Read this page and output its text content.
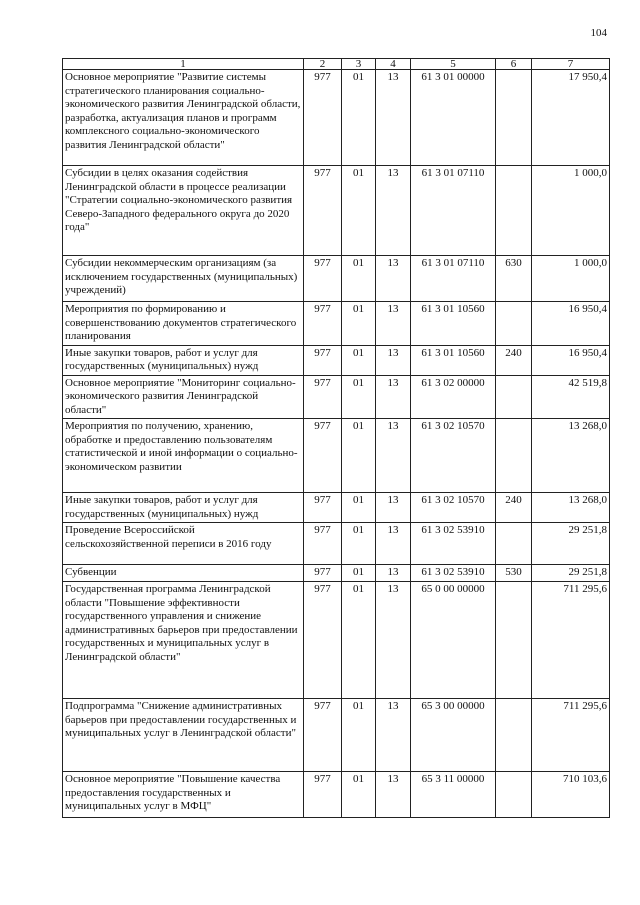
104
1	2	3	4	5	6	7
Основное мероприятие "Развитие системы стратегического планирования социально-экономического развития Ленинградской области, разработка, актуализация планов и программ комплексного социально-экономического развития Ленинградской области"	977	01	13	61 3 01 00000		17 950,4
Субсидии в целях оказания содействия Ленинградской области в процессе реализации "Стратегии социально-экономического развития Северо-Западного федерального округа до 2020 года"	977	01	13	61 3 01 07110		1 000,0
Субсидии некоммерческим организациям (за исключением государственных (муниципальных) учреждений)	977	01	13	61 3 01 07110	630	1 000,0
Мероприятия по формированию и совершенствованию документов стратегического планирования	977	01	13	61 3 01 10560		16 950,4
Иные закупки товаров, работ и услуг для государственных (муниципальных) нужд	977	01	13	61 3 01 10560	240	16 950,4
Основное мероприятие "Мониторинг социально-экономического развития Ленинградской области"	977	01	13	61 3 02 00000		42 519,8
Мероприятия по получению, хранению, обработке и предоставлению пользователям статистической и иной информации о социально-экономическом развитии	977	01	13	61 3 02 10570		13 268,0
Иные закупки товаров, работ и услуг для государственных (муниципальных) нужд	977	01	13	61 3 02 10570	240	13 268,0
Проведение Всероссийской сельскохозяйственной переписи в 2016 году	977	01	13	61 3 02 53910		29 251,8
Субвенции	977	01	13	61 3 02 53910	530	29 251,8
Государственная программа Ленинградской области "Повышение эффективности государственного управления и снижение административных барьеров при предоставлении государственных и муниципальных услуг в Ленинградской области"	977	01	13	65 0 00 00000		711 295,6
Подпрограмма "Снижение административных барьеров при предоставлении государственных и муниципальных услуг в Ленинградской области"	977	01	13	65 3 00 00000		711 295,6
Основное мероприятие "Повышение качества предоставления государственных и муниципальных услуг в МФЦ"	977	01	13	65 3 11 00000		710 103,6
